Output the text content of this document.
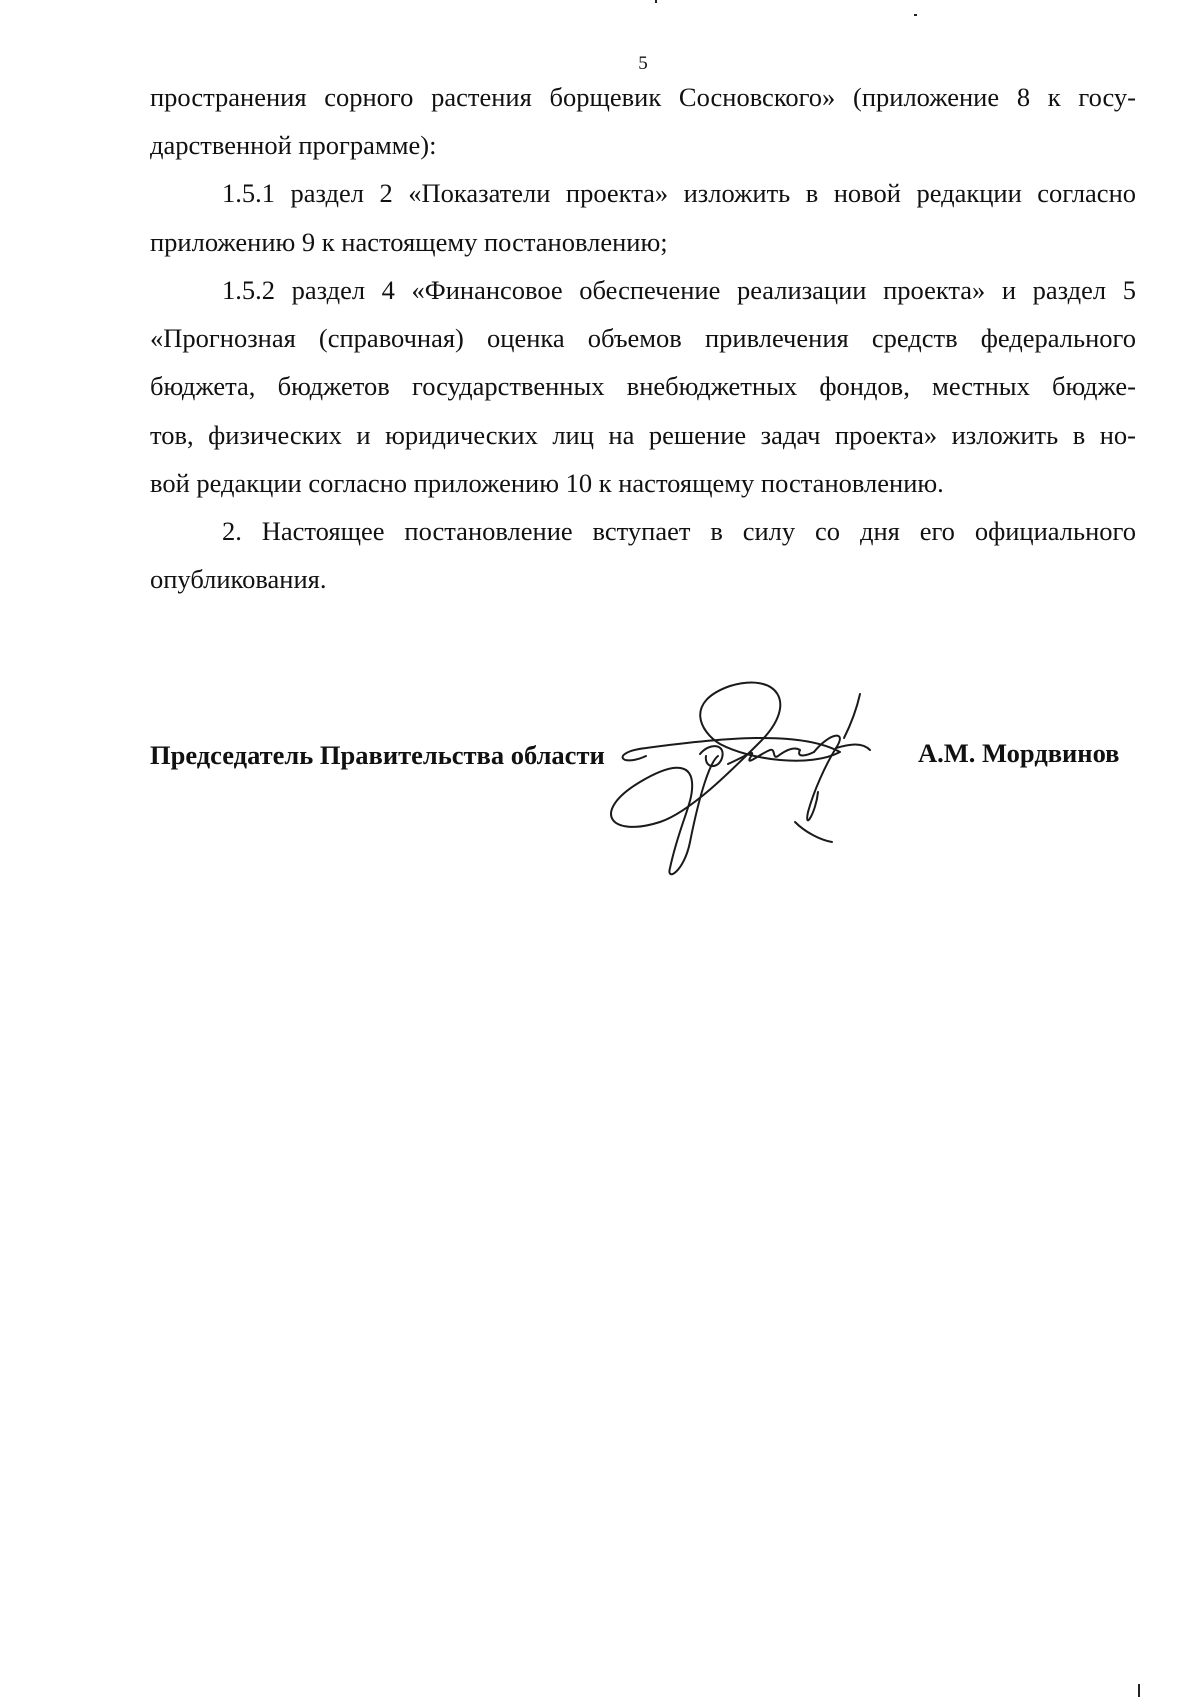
5
пространения сорного растения борщевик Сосновского» (приложение 8 к госу-
дарственной программе):
1.5.1 раздел 2 «Показатели проекта» изложить в новой редакции согласно
приложению 9 к настоящему постановлению;
1.5.2 раздел 4 «Финансовое обеспечение реализации проекта» и раздел 5
«Прогнозная (справочная) оценка объемов привлечения средств федерального
бюджета, бюджетов государственных внебюджетных фондов, местных бюдже-
тов, физических и юридических лиц на решение задач проекта» изложить в но-
вой редакции согласно приложению 10 к настоящему постановлению.
2. Настоящее постановление вступает в силу со дня его официального
опубликования.
Председатель Правительства области	А.М. Мордвинов
